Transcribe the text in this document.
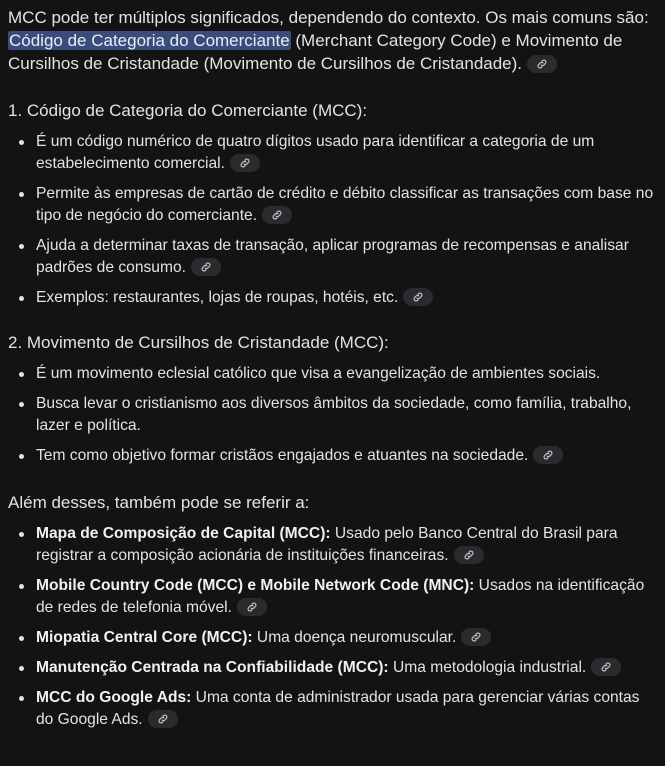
MCC pode ter múltiplos significados, dependendo do contexto. Os mais comuns são: Código de Categoria do Comerciante (Merchant Category Code) e Movimento de Cursilhos de Cristandade (Movimento de Cursilhos de Cristandade).

1. Código de Categoria do Comerciante (MCC):
É um código numérico de quatro dígitos usado para identificar a categoria de um estabelecimento comercial.
Permite às empresas de cartão de crédito e débito classificar as transações com base no tipo de negócio do comerciante.
Ajuda a determinar taxas de transação, aplicar programas de recompensas e analisar padrões de consumo.
Exemplos: restaurantes, lojas de roupas, hotéis, etc.
2. Movimento de Cursilhos de Cristandade (MCC):
É um movimento eclesial católico que visa a evangelização de ambientes sociais.
Busca levar o cristianismo aos diversos âmbitos da sociedade, como família, trabalho, lazer e política.
Tem como objetivo formar cristãos engajados e atuantes na sociedade.
Além desses, também pode se referir a:
Mapa de Composição de Capital (MCC): Usado pelo Banco Central do Brasil para registrar a composição acionária de instituições financeiras.
Mobile Country Code (MCC) e Mobile Network Code (MNC): Usados na identificação de redes de telefonia móvel.
Miopatia Central Core (MCC): Uma doença neuromuscular.
Manutenção Centrada na Confiabilidade (MCC): Uma metodologia industrial.
MCC do Google Ads: Uma conta de administrador usada para gerenciar várias contas do Google Ads.
